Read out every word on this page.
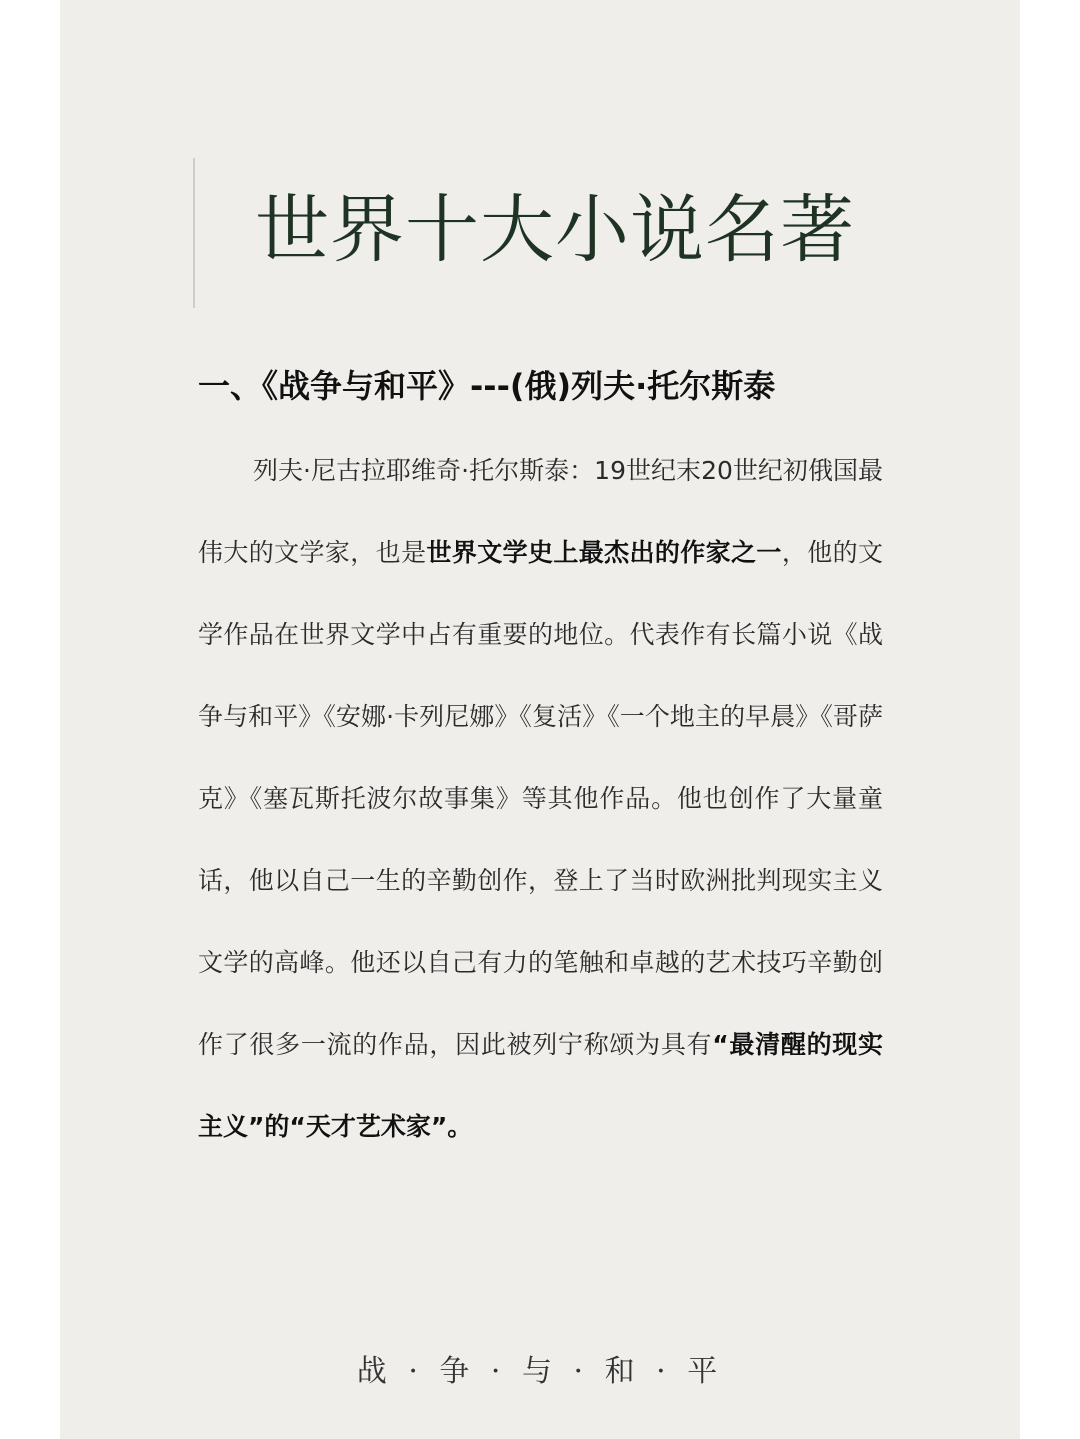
世界十大小说名著
一、《战争与和平》---(俄)列夫·托尔斯泰

列夫·尼古拉耶维奇·托尔斯泰：19世纪末20世纪初俄国最伟大的文学家，也是世界文学史上最杰出的作家之一，他的文学作品在世界文学中占有重要的地位。代表作有长篇小说《战争与和平》《安娜·卡列尼娜》《复活》《一个地主的早晨》《哥萨克》《塞瓦斯托波尔故事集》等其他作品。他也创作了大量童话，他以自己一生的辛勤创作，登上了当时欧洲批判现实主义文学的高峰。他还以自己有力的笔触和卓越的艺术技巧辛勤创作了很多一流的作品，因此被列宁称颂为具有“最清醒的现实主义”的“天才艺术家”。

战 · 争 · 与 · 和 · 平
